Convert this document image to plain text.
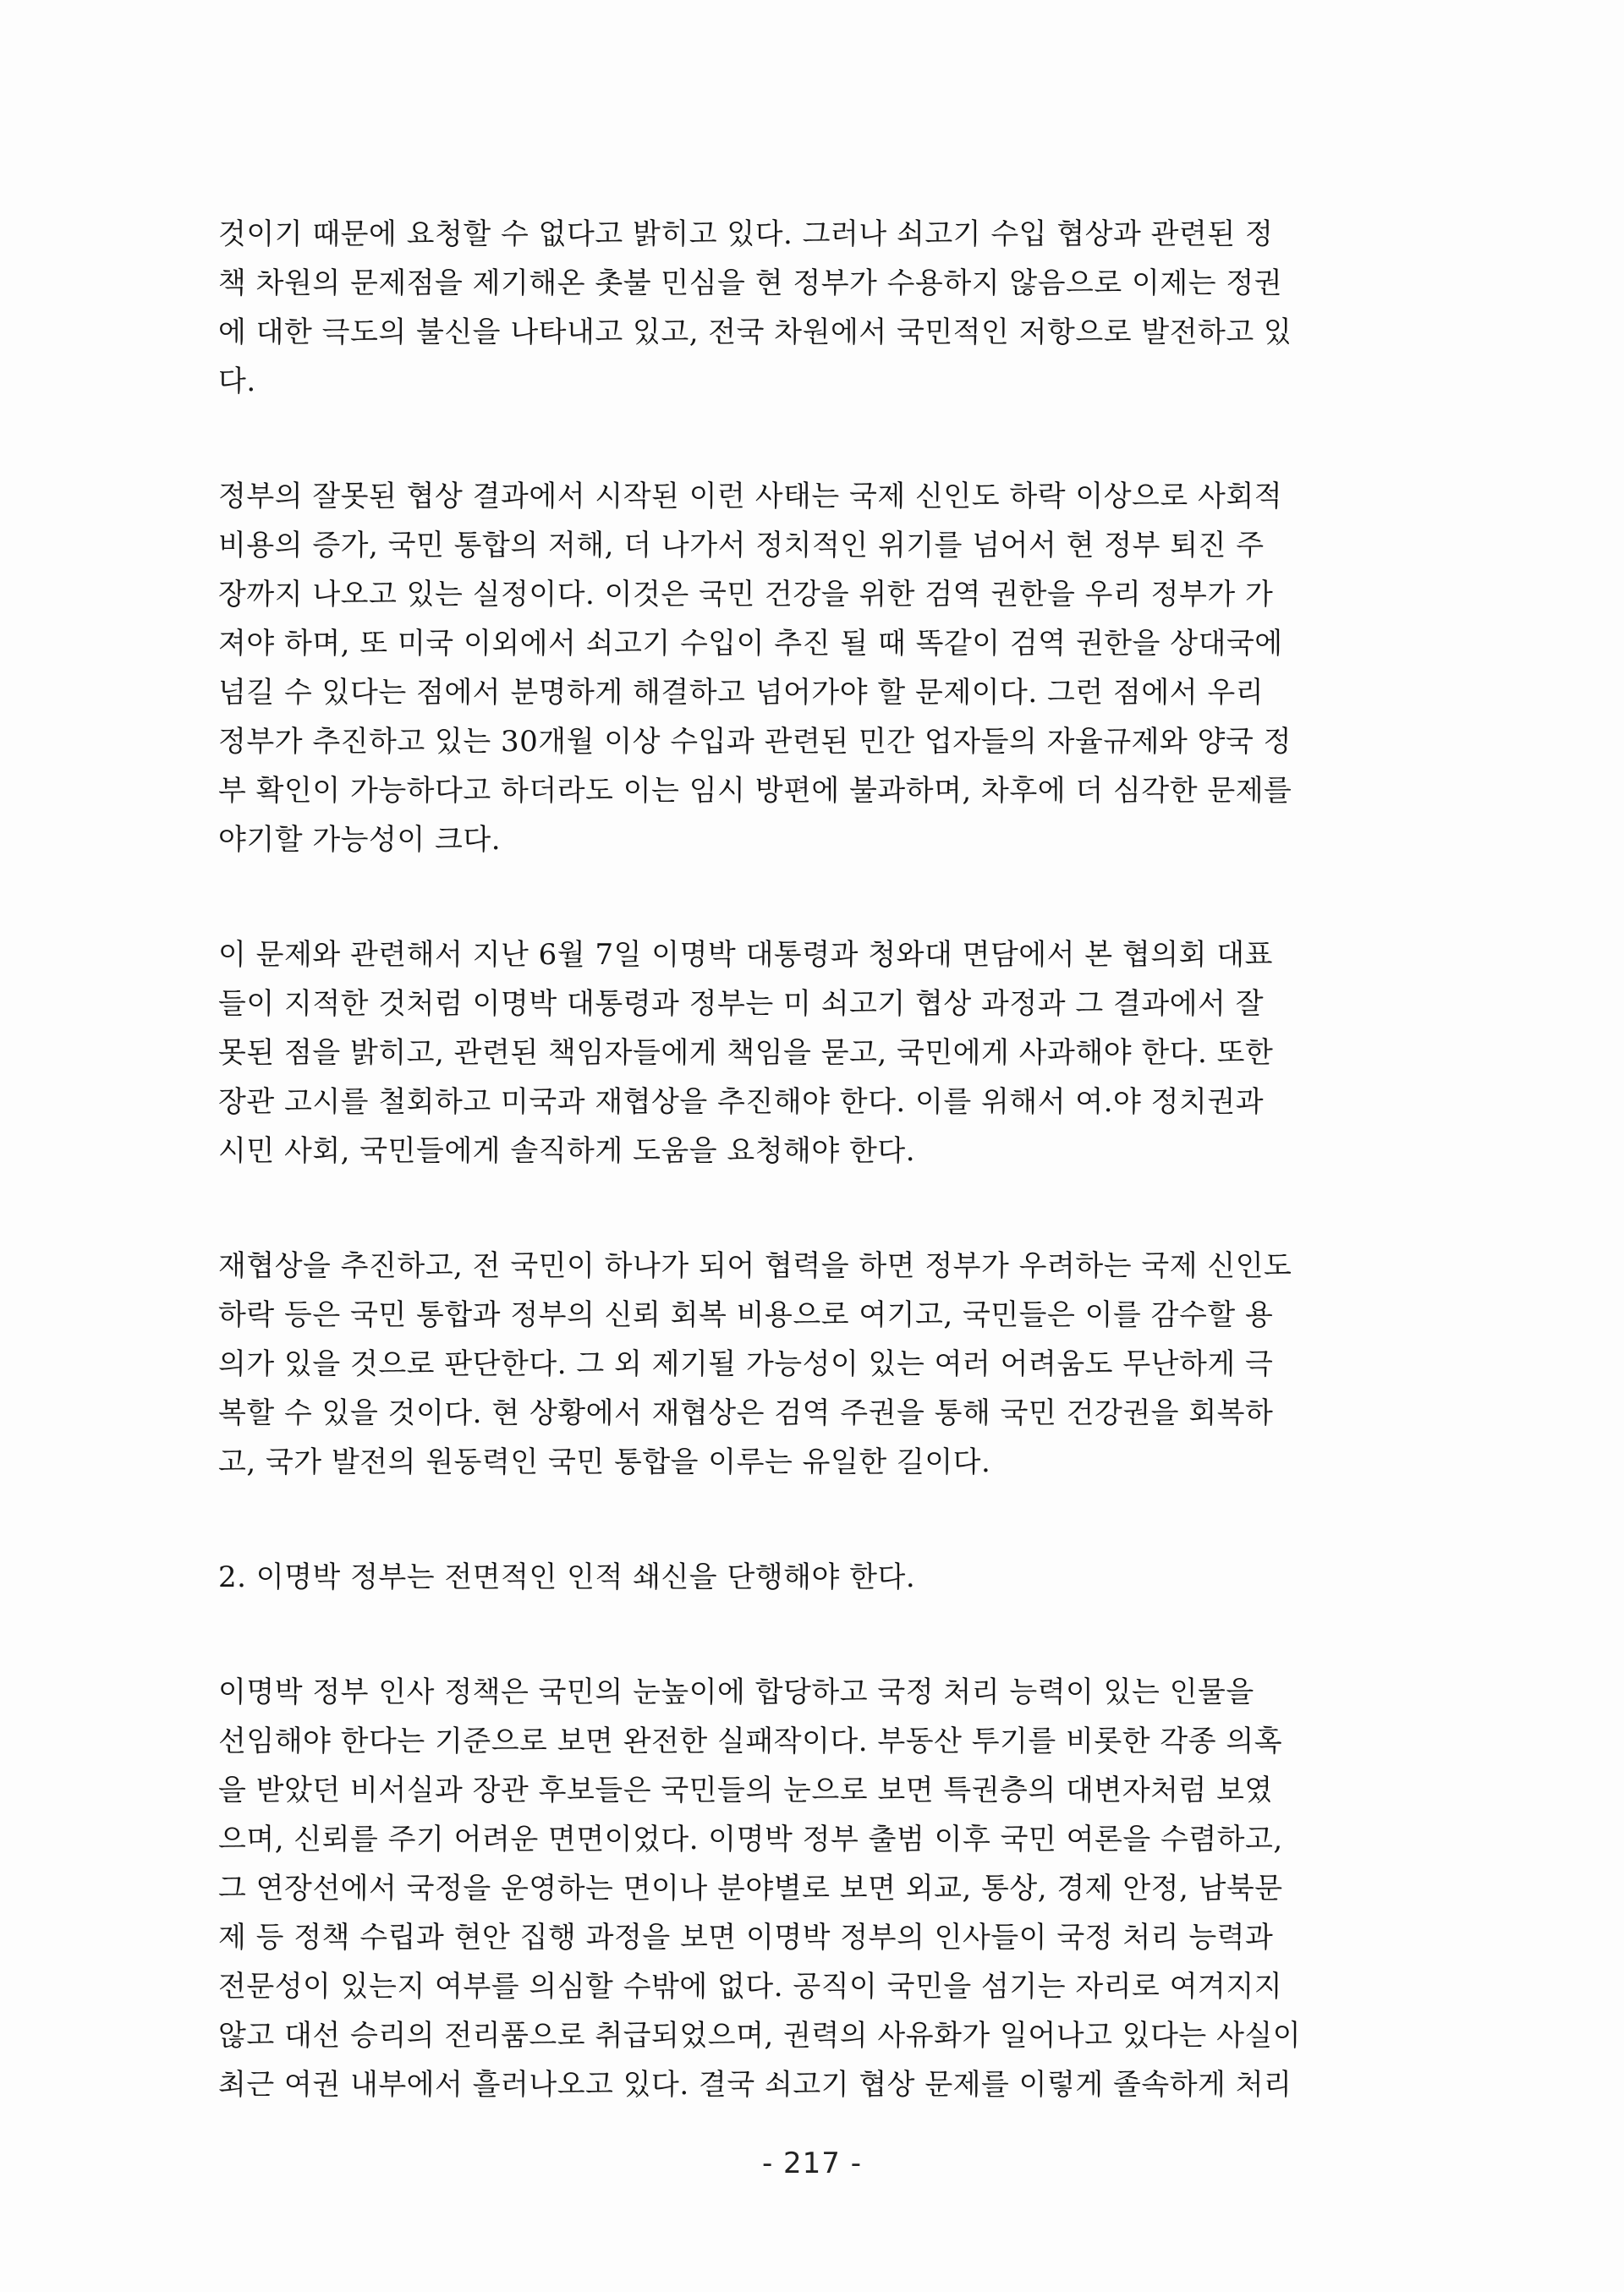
것이기 때문에 요청할 수 없다고 밝히고 있다. 그러나 쇠고기 수입 협상과 관련된 정
책 차원의 문제점을 제기해온 촛불 민심을 현 정부가 수용하지 않음으로 이제는 정권
에 대한 극도의 불신을 나타내고 있고, 전국 차원에서 국민적인 저항으로 발전하고 있
다.
정부의 잘못된 협상 결과에서 시작된 이런 사태는 국제 신인도 하락 이상으로 사회적
비용의 증가, 국민 통합의 저해, 더 나가서 정치적인 위기를 넘어서 현 정부 퇴진 주
장까지 나오고 있는 실정이다. 이것은 국민 건강을 위한 검역 권한을 우리 정부가 가
져야 하며, 또 미국 이외에서 쇠고기 수입이 추진 될 때 똑같이 검역 권한을 상대국에
넘길 수 있다는 점에서 분명하게 해결하고 넘어가야 할 문제이다. 그런 점에서 우리
정부가 추진하고 있는 30개월 이상 수입과 관련된 민간 업자들의 자율규제와 양국 정
부 확인이 가능하다고 하더라도 이는 임시 방편에 불과하며, 차후에 더 심각한 문제를
야기할 가능성이 크다.
이 문제와 관련해서 지난 6월 7일 이명박 대통령과 청와대 면담에서 본 협의회 대표
들이 지적한 것처럼 이명박 대통령과 정부는 미 쇠고기 협상 과정과 그 결과에서 잘
못된 점을 밝히고, 관련된 책임자들에게 책임을 묻고, 국민에게 사과해야 한다. 또한
장관 고시를 철회하고 미국과 재협상을 추진해야 한다. 이를 위해서 여.야 정치권과
시민 사회, 국민들에게 솔직하게 도움을 요청해야 한다.
재협상을 추진하고, 전 국민이 하나가 되어 협력을 하면 정부가 우려하는 국제 신인도
하락 등은 국민 통합과 정부의 신뢰 회복 비용으로 여기고, 국민들은 이를 감수할 용
의가 있을 것으로 판단한다. 그 외 제기될 가능성이 있는 여러 어려움도 무난하게 극
복할 수 있을 것이다. 현 상황에서 재협상은 검역 주권을 통해 국민 건강권을 회복하
고, 국가 발전의 원동력인 국민 통합을 이루는 유일한 길이다.
2. 이명박 정부는 전면적인 인적 쇄신을 단행해야 한다.
이명박 정부 인사 정책은 국민의 눈높이에 합당하고 국정 처리 능력이 있는 인물을
선임해야 한다는 기준으로 보면 완전한 실패작이다. 부동산 투기를 비롯한 각종 의혹
을 받았던 비서실과 장관 후보들은 국민들의 눈으로 보면 특권층의 대변자처럼 보였
으며, 신뢰를 주기 어려운 면면이었다. 이명박 정부 출범 이후 국민 여론을 수렴하고,
그 연장선에서 국정을 운영하는 면이나 분야별로 보면 외교, 통상, 경제 안정, 남북문
제 등 정책 수립과 현안 집행 과정을 보면 이명박 정부의 인사들이 국정 처리 능력과
전문성이 있는지 여부를 의심할 수밖에 없다. 공직이 국민을 섬기는 자리로 여겨지지
않고 대선 승리의 전리품으로 취급되었으며, 권력의 사유화가 일어나고 있다는 사실이
최근 여권 내부에서 흘러나오고 있다. 결국 쇠고기 협상 문제를 이렇게 졸속하게 처리
- 217 -
